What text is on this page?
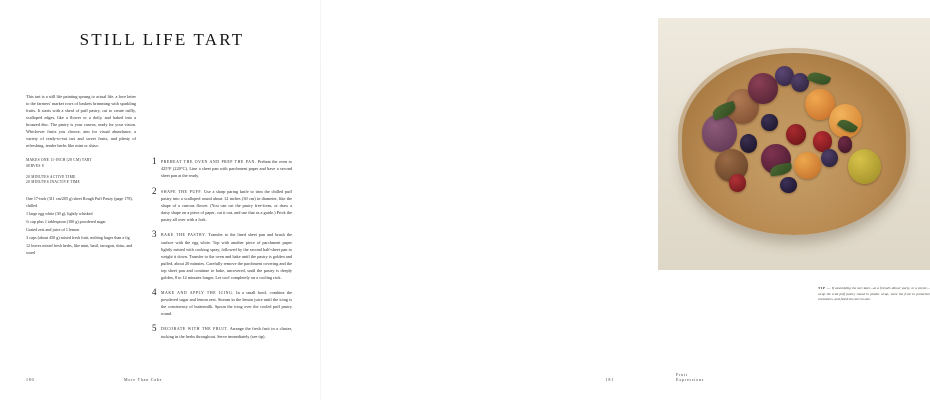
STILL LIFE TART
This tart is a still life painting sprung to actual life, a love letter to the farmers' market rows of baskets brimming with sparkling fruits. It starts with a sheaf of puff pastry, cut to create ruffly, scalloped edges, like a flower or a doily, and baked into a bronzed disc. The pastry is your canvas, ready for your vision. Whichever fruits you choose, aim for visual abundance, a variety of ready-to-eat tart and sweet fruits, and plenty of refreshing, tender herbs like mint or shiso.
MAKES ONE 11-INCH (28 CM) TART
SERVES 8
20 MINUTES ACTIVE TIME
20 MINUTES INACTIVE TIME
One 17-inch (311 cm/205 g) sheet Rough Puff Pastry (page 178), chilled
1 large egg white (30 g), lightly whisked
¾ cup plus 1 tablespoon (100 g) powdered sugar
Grated zest and juice of 1 lemon
3 cups (about 450 g) mixed fresh fruit, nothing larger than a fig
12 leaves mixed fresh herbs, like mint, basil, tarragon, shiso, and sorrel
1 PREHEAT THE OVEN AND PREP THE PAN. Preheat the oven to 425°F (220°C). Line a sheet pan with parchment paper and have a second sheet pan at the ready.
2 SHAPE THE PUFF. Use a sharp paring knife to trim the chilled puff pastry into a scalloped round about 12 inches (30 cm) in diameter, like the shape of a curious flower. (You can cut the pastry free-form, or draw a daisy shape on a piece of paper, cut it out, and use that as a guide.) Prick the pastry all over with a fork.
3 BAKE THE PASTRY. Transfer to the lined sheet pan and brush the surface with the egg white. Top with another piece of parchment paper lightly misted with cooking spray, followed by the second half-sheet pan to weight it down. Transfer to the oven and bake until the pastry is golden and puffed, about 20 minutes. Carefully remove the parchment covering and the top sheet pan and continue to bake, uncovered, until the pastry is deeply golden, 8 to 12 minutes longer. Let cool completely on a cooling rack.
4 MAKE AND APPLY THE ICING. In a small bowl, combine the powdered sugar and lemon zest. Stream in the lemon juice until the icing is the consistency of buttermilk. Spoon the icing over the cooled puff pastry round.
5 DECORATE WITH THE FRUIT. Arrange the fresh fruit in a cluster, tucking in the herbs throughout. Serve immediately (see tip).
180	More Than Cake
TIP — If assembling the tart later—at a friend's dinner party, or a picnic—wrap the iced puff pastry round in plastic wrap, store the fruit in protective containers, and finish the tart on-site.
Fruit Expressions
181
